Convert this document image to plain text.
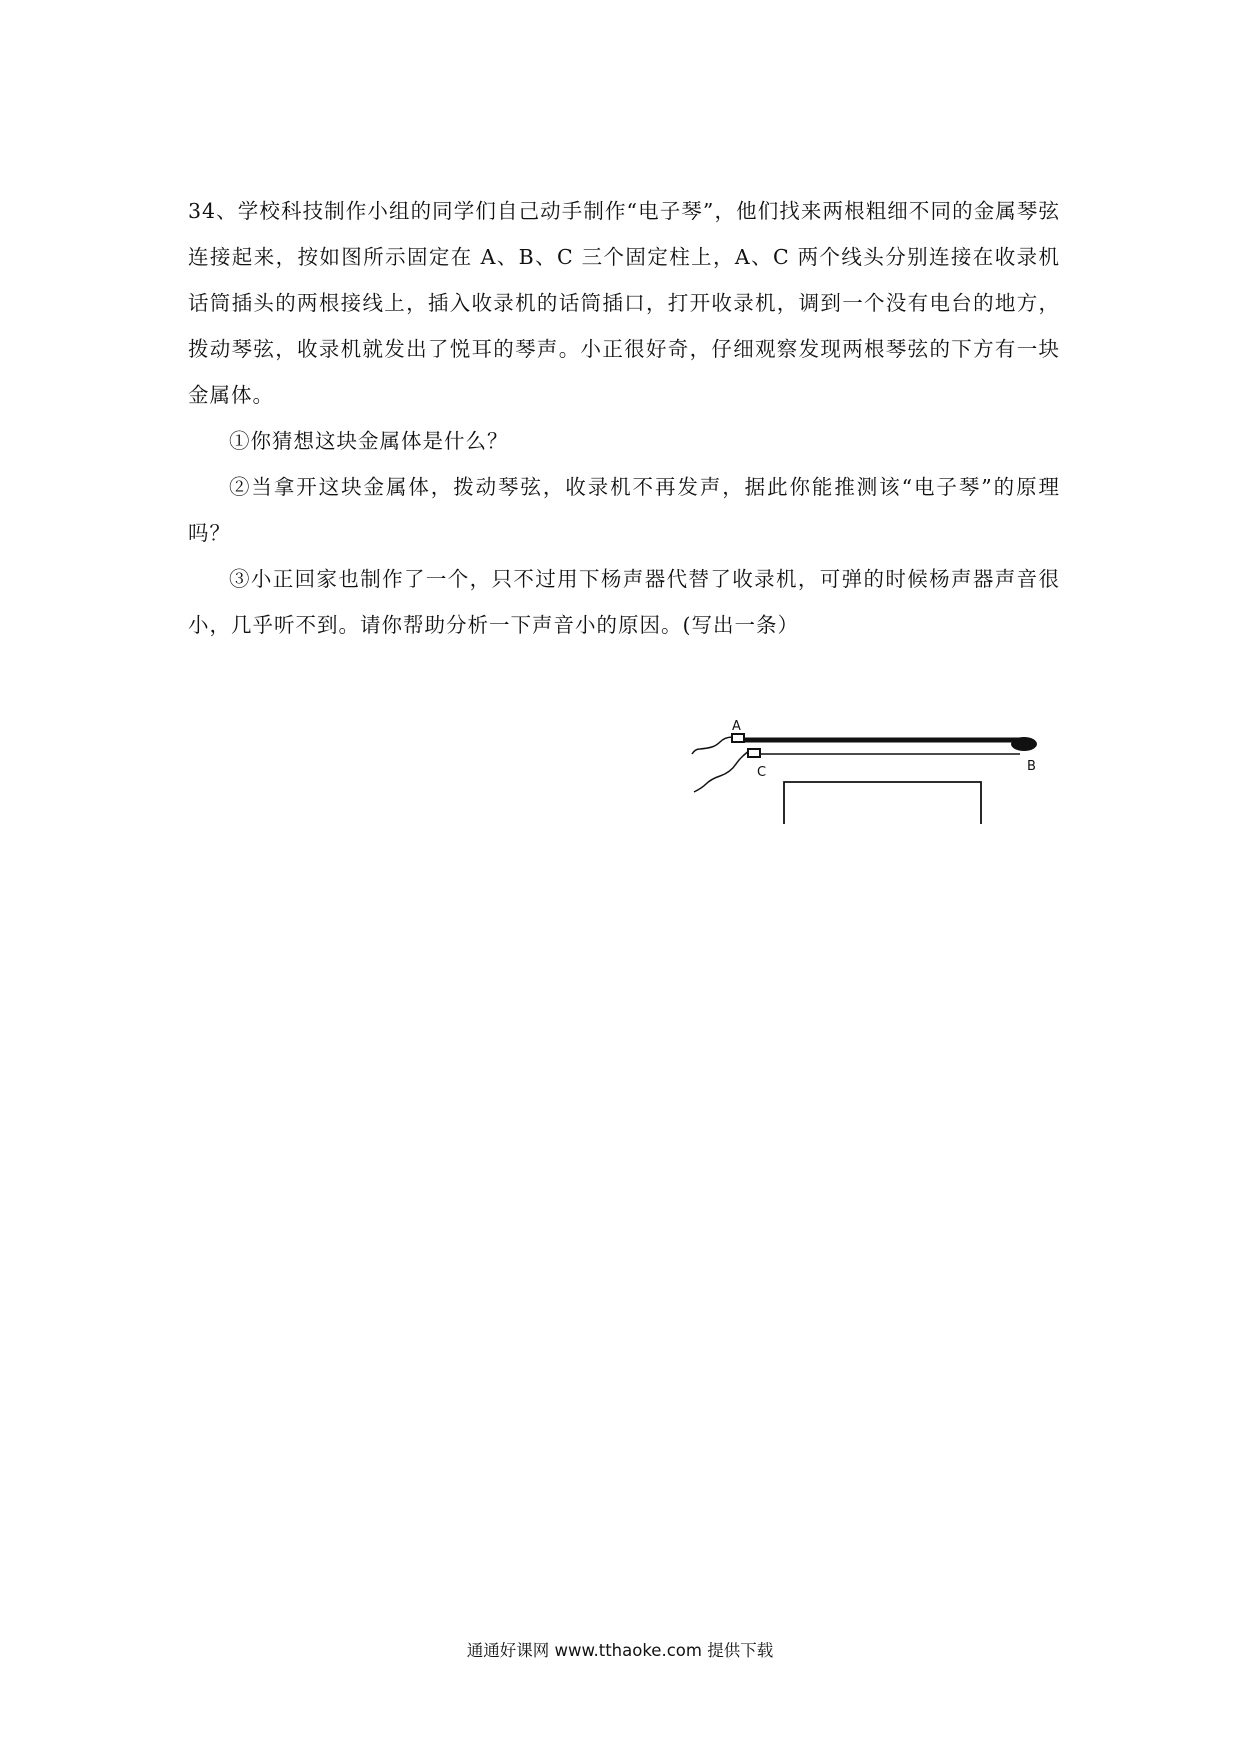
34、学校科技制作小组的同学们自己动手制作“电子琴”，他们找来两根粗细不同的金属琴弦连接起来，按如图所示固定在 A、B、C 三个固定柱上，A、C 两个线头分别连接在收录机话筒插头的两根接线上，插入收录机的话筒插口，打开收录机，调到一个没有电台的地方，拨动琴弦，收录机就发出了悦耳的琴声。小正很好奇，仔细观察发现两根琴弦的下方有一块金属体。

①你猜想这块金属体是什么？

②当拿开这块金属体，拨动琴弦，收录机不再发声，据此你能推测该“电子琴”的原理吗？

③小正回家也制作了一个，只不过用下杨声器代替了收录机，可弹的时候杨声器声音很小，几乎听不到。请你帮助分析一下声音小的原因。(写出一条）

A
C	B
通通好课网 www.tthaoke.com 提供下载
